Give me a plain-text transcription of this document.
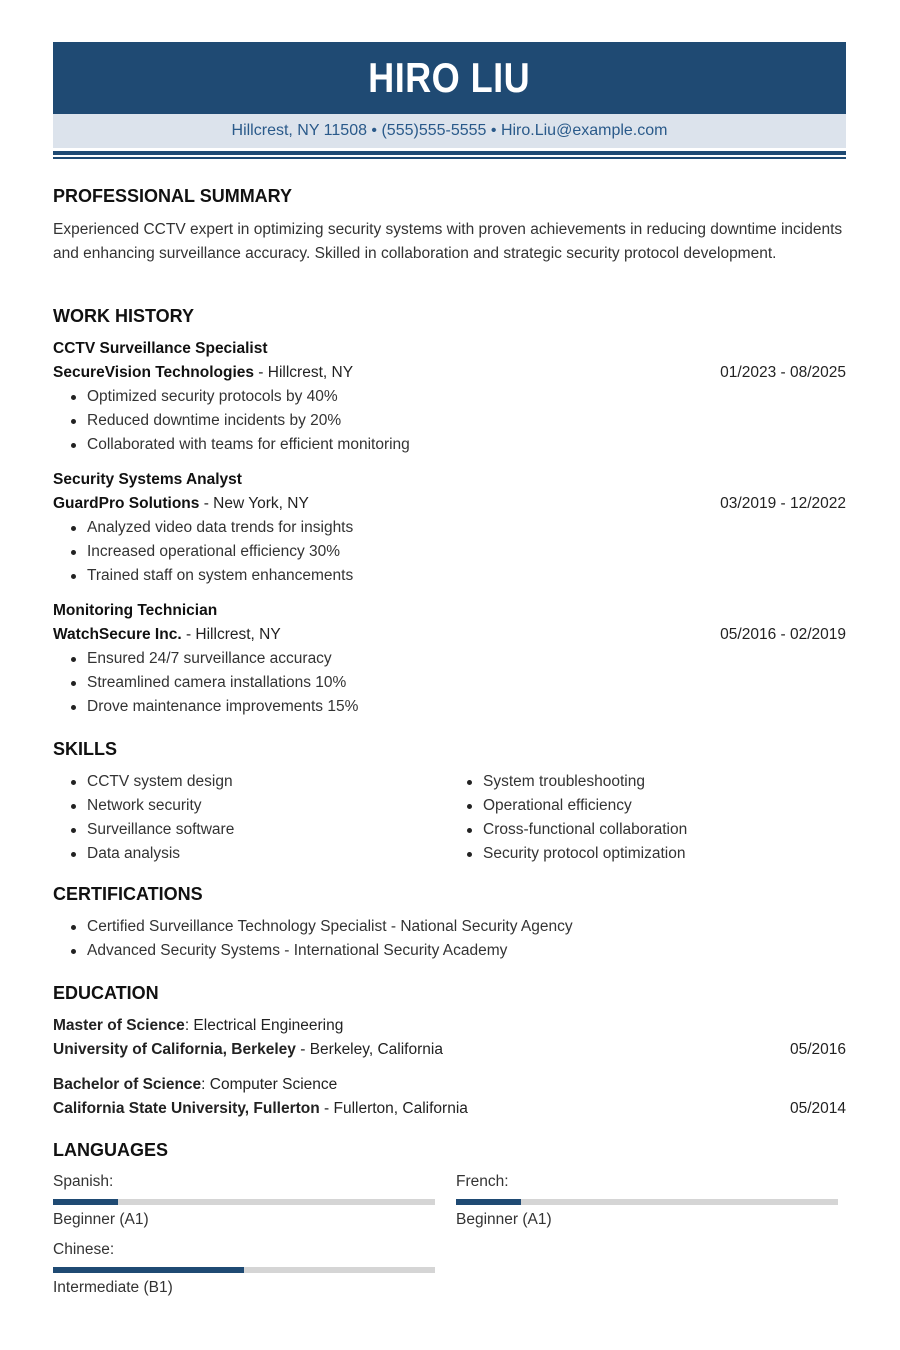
HIRO LIU
Hillcrest, NY 11508 • (555)555-5555 • Hiro.Liu@example.com
PROFESSIONAL SUMMARY
Experienced CCTV expert in optimizing security systems with proven achievements in reducing downtime incidents and enhancing surveillance accuracy. Skilled in collaboration and strategic security protocol development.
WORK HISTORY
CCTV Surveillance Specialist
SecureVision Technologies - Hillcrest, NY	01/2023 - 08/2025
Optimized security protocols by 40%
Reduced downtime incidents by 20%
Collaborated with teams for efficient monitoring
Security Systems Analyst
GuardPro Solutions - New York, NY	03/2019 - 12/2022
Analyzed video data trends for insights
Increased operational efficiency 30%
Trained staff on system enhancements
Monitoring Technician
WatchSecure Inc. - Hillcrest, NY	05/2016 - 02/2019
Ensured 24/7 surveillance accuracy
Streamlined camera installations 10%
Drove maintenance improvements 15%
SKILLS
CCTV system design
Network security
Surveillance software
Data analysis
System troubleshooting
Operational efficiency
Cross-functional collaboration
Security protocol optimization
CERTIFICATIONS
Certified Surveillance Technology Specialist - National Security Agency
Advanced Security Systems - International Security Academy
EDUCATION
Master of Science: Electrical Engineering
University of California, Berkeley - Berkeley, California	05/2016
Bachelor of Science: Computer Science
California State University, Fullerton - Fullerton, California	05/2014
LANGUAGES
Spanish:
Beginner (A1)
French:
Beginner (A1)
Chinese:
Intermediate (B1)
